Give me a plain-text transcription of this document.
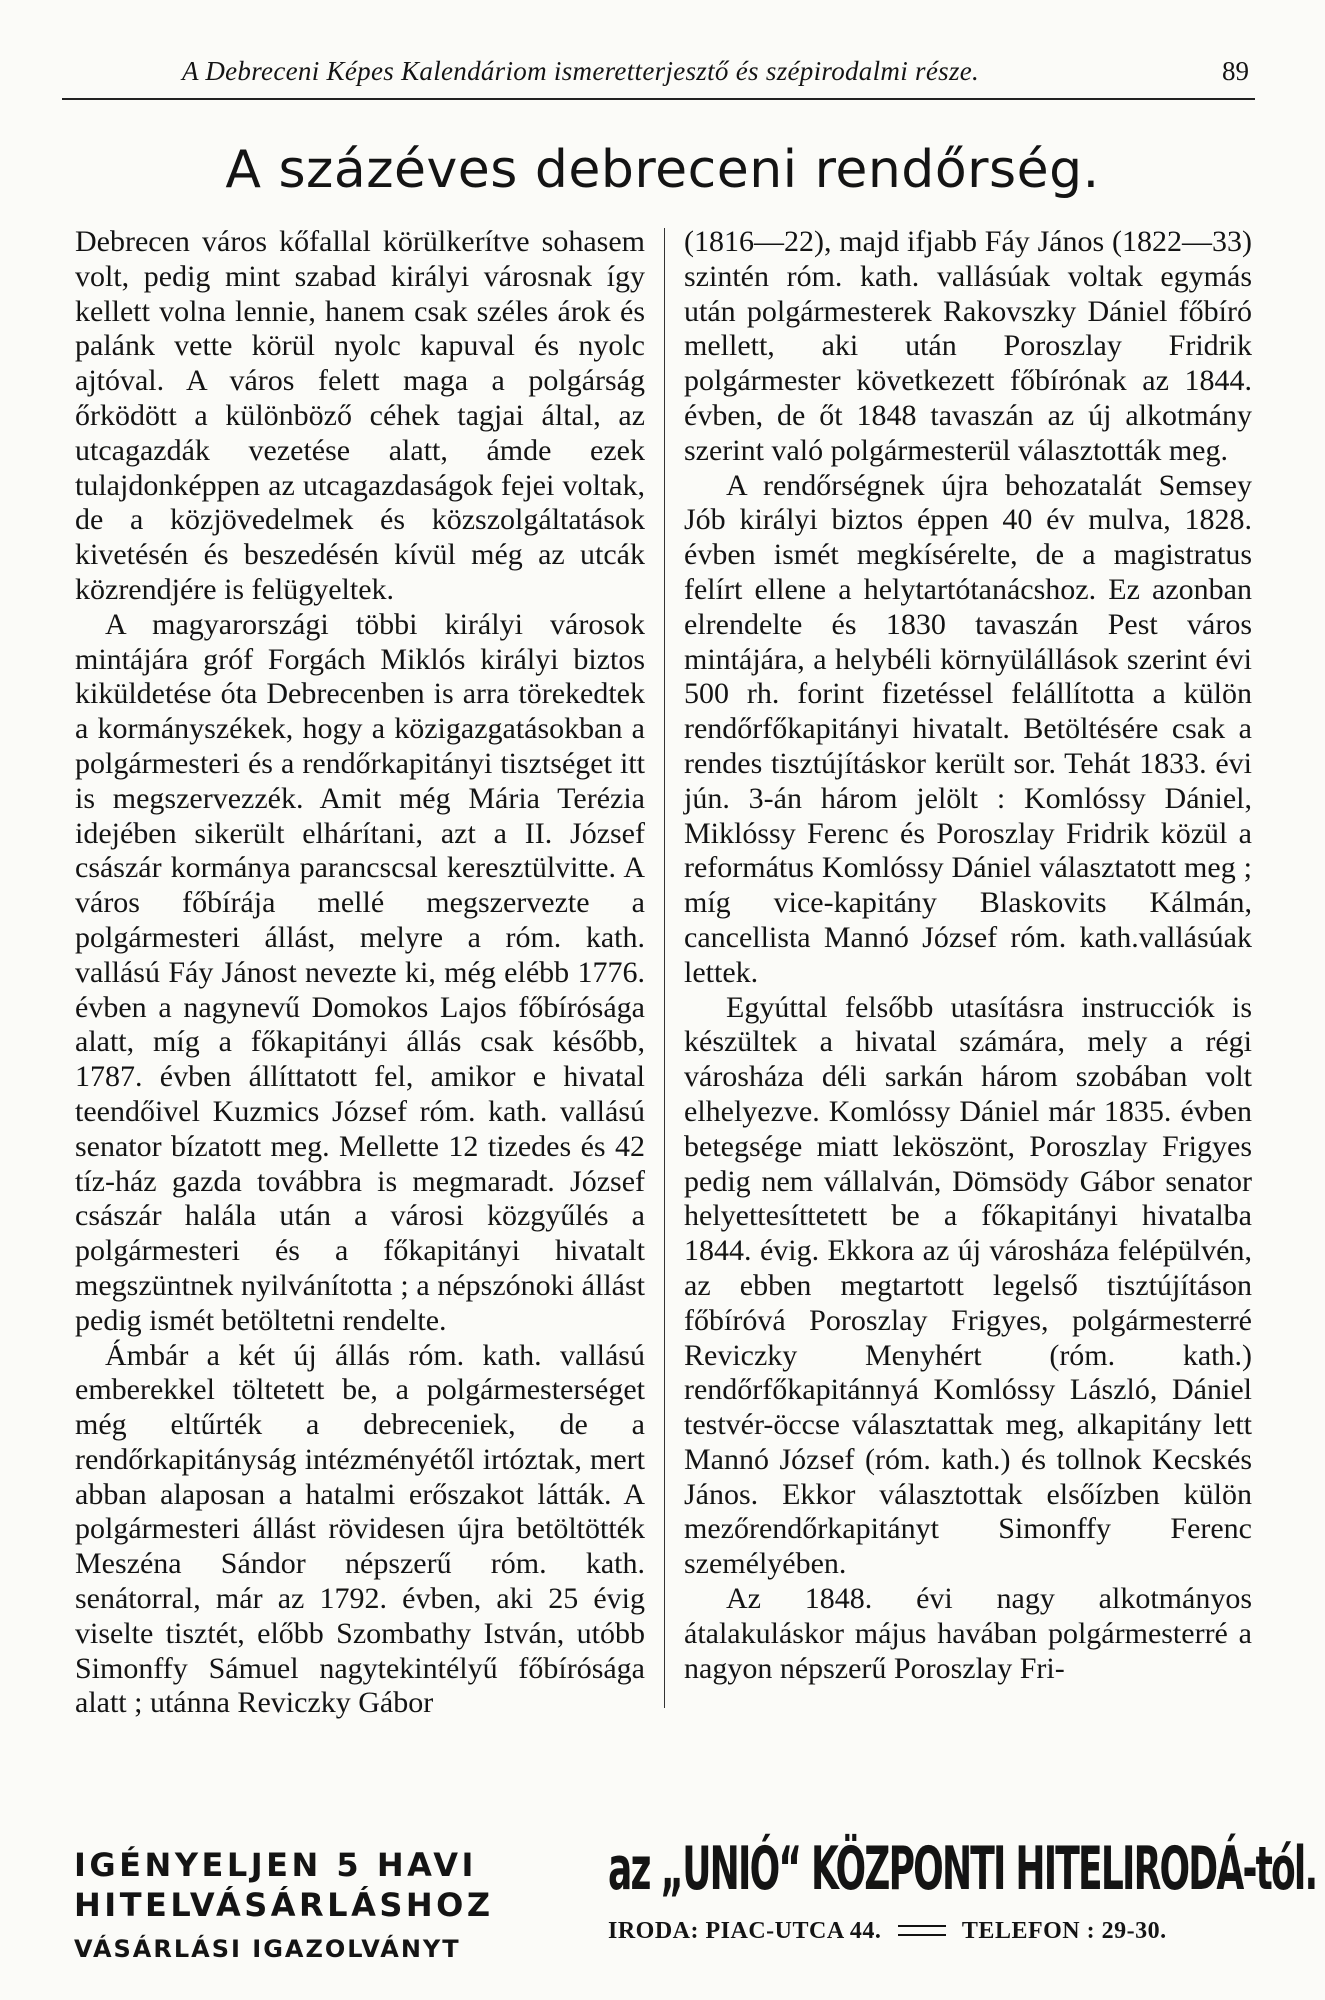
A Debreceni Képes Kalendáriom ismeretterjesztő és szépirodalmi része.	89
A százéves debreceni rendőrség.

Debrecen város kőfallal körülkerítve sohasem volt, pedig mint szabad királyi városnak így kellett volna lennie, hanem csak széles árok és palánk vette körül nyolc kapuval és nyolc ajtóval. A város felett maga a polgárság őrködött a különböző céhek tagjai által, az utcagazdák vezetése alatt, ámde ezek tulajdonképpen az utcagazdaságok fejei voltak, de a közjövedelmek és közszolgáltatások kivetésén és beszedésén kívül még az utcák közrendjére is felügyeltek.

A magyarországi többi királyi városok mintájára gróf Forgách Miklós királyi biztos kiküldetése óta Debrecenben is arra törekedtek a kormányszékek, hogy a közigazgatásokban a polgármesteri és a rendőrkapitányi tisztséget itt is megszervezzék. Amit még Mária Terézia idejében sikerült elhárítani, azt a II. József császár kormánya parancscsal keresztülvitte. A város főbírája mellé megszervezte a polgármesteri állást, melyre a róm. kath. vallású Fáy Jánost nevezte ki, még elébb 1776. évben a nagynevű Domokos Lajos főbírósága alatt, míg a főkapitányi állás csak később, 1787. évben állíttatott fel, amikor e hivatal teendőivel Kuzmics József róm. kath. vallású senator bízatott meg. Mellette 12 tizedes és 42 tíz-ház gazda továbbra is megmaradt. József császár halála után a városi közgyűlés a polgármesteri és a főkapitányi hivatalt megszüntnek nyilvánította ; a népszónoki állást pedig ismét betöltetni rendelte.

Ámbár a két új állás róm. kath. vallású emberekkel töltetett be, a polgármesterséget még eltűrték a debreceniek, de a rendőrkapitányság intézményétől irtóztak, mert abban alaposan a hatalmi erőszakot látták. A polgármesteri állást rövidesen újra betöltötték Meszéna Sándor népszerű róm. kath. senátorral, már az 1792. évben, aki 25 évig viselte tisztét, előbb Szombathy István, utóbb Simonffy Sámuel nagytekintélyű főbírósága alatt ; utánna Reviczky Gábor

(1816—22), majd ifjabb Fáy János (1822—33) szintén róm. kath. vallásúak voltak egymás után polgármesterek Rakovszky Dániel főbíró mellett, aki után Poroszlay Fridrik polgármester következett főbírónak az 1844. évben, de őt 1848 tavaszán az új alkotmány szerint való polgármesterül választották meg.

A rendőrségnek újra behozatalát Semsey Jób királyi biztos éppen 40 év mulva, 1828. évben ismét megkísérelte, de a magistratus felírt ellene a helytartótanácshoz. Ez azonban elrendelte és 1830 tavaszán Pest város mintájára, a helybéli környülállások szerint évi 500 rh. forint fizetéssel felállította a külön rendőrfőkapitányi hivatalt. Betöltésére csak a rendes tisztújításkor került sor. Tehát 1833. évi jún. 3-án három jelölt : Komlóssy Dániel, Miklóssy Ferenc és Poroszlay Fridrik közül a református Komlóssy Dániel választatott meg ; míg vice-kapitány Blaskovits Kálmán, cancellista Mannó József róm. kath.vallásúak lettek.

Egyúttal felsőbb utasításra instrucciók is készültek a hivatal számára, mely a régi városháza déli sarkán három szobában volt elhelyezve. Komlóssy Dániel már 1835. évben betegsége miatt leköszönt, Poroszlay Frigyes pedig nem vállalván, Dömsödy Gábor senator helyettesíttetett be a főkapitányi hivatalba 1844. évig. Ekkora az új városháza felépülvén, az ebben megtartott legelső tisztújításon főbíróvá Poroszlay Frigyes, polgármesterré Reviczky Menyhért (róm. kath.) rendőrfőkapitánnyá Komlóssy László, Dániel testvér-öccse választattak meg, alkapitány lett Mannó József (róm. kath.) és tollnok Kecskés János. Ekkor választottak elsőízben külön mezőrendőrkapitányt Simonffy Ferenc személyében.

Az 1848. évi nagy alkotmányos átalakuláskor május havában polgármesterré a nagyon népszerű Poroszlay Fri-

IGÉNYELJEN 5 HAVI
HITELVÁSÁRLÁSHOZ
VÁSÁRLÁSI IGAZOLVÁNYT
az „UNIÓ“ KÖZPONTI HITELIRODÁ-tól.
IRODA: PIAC-UTCA 44.	TELEFON : 29-30.
